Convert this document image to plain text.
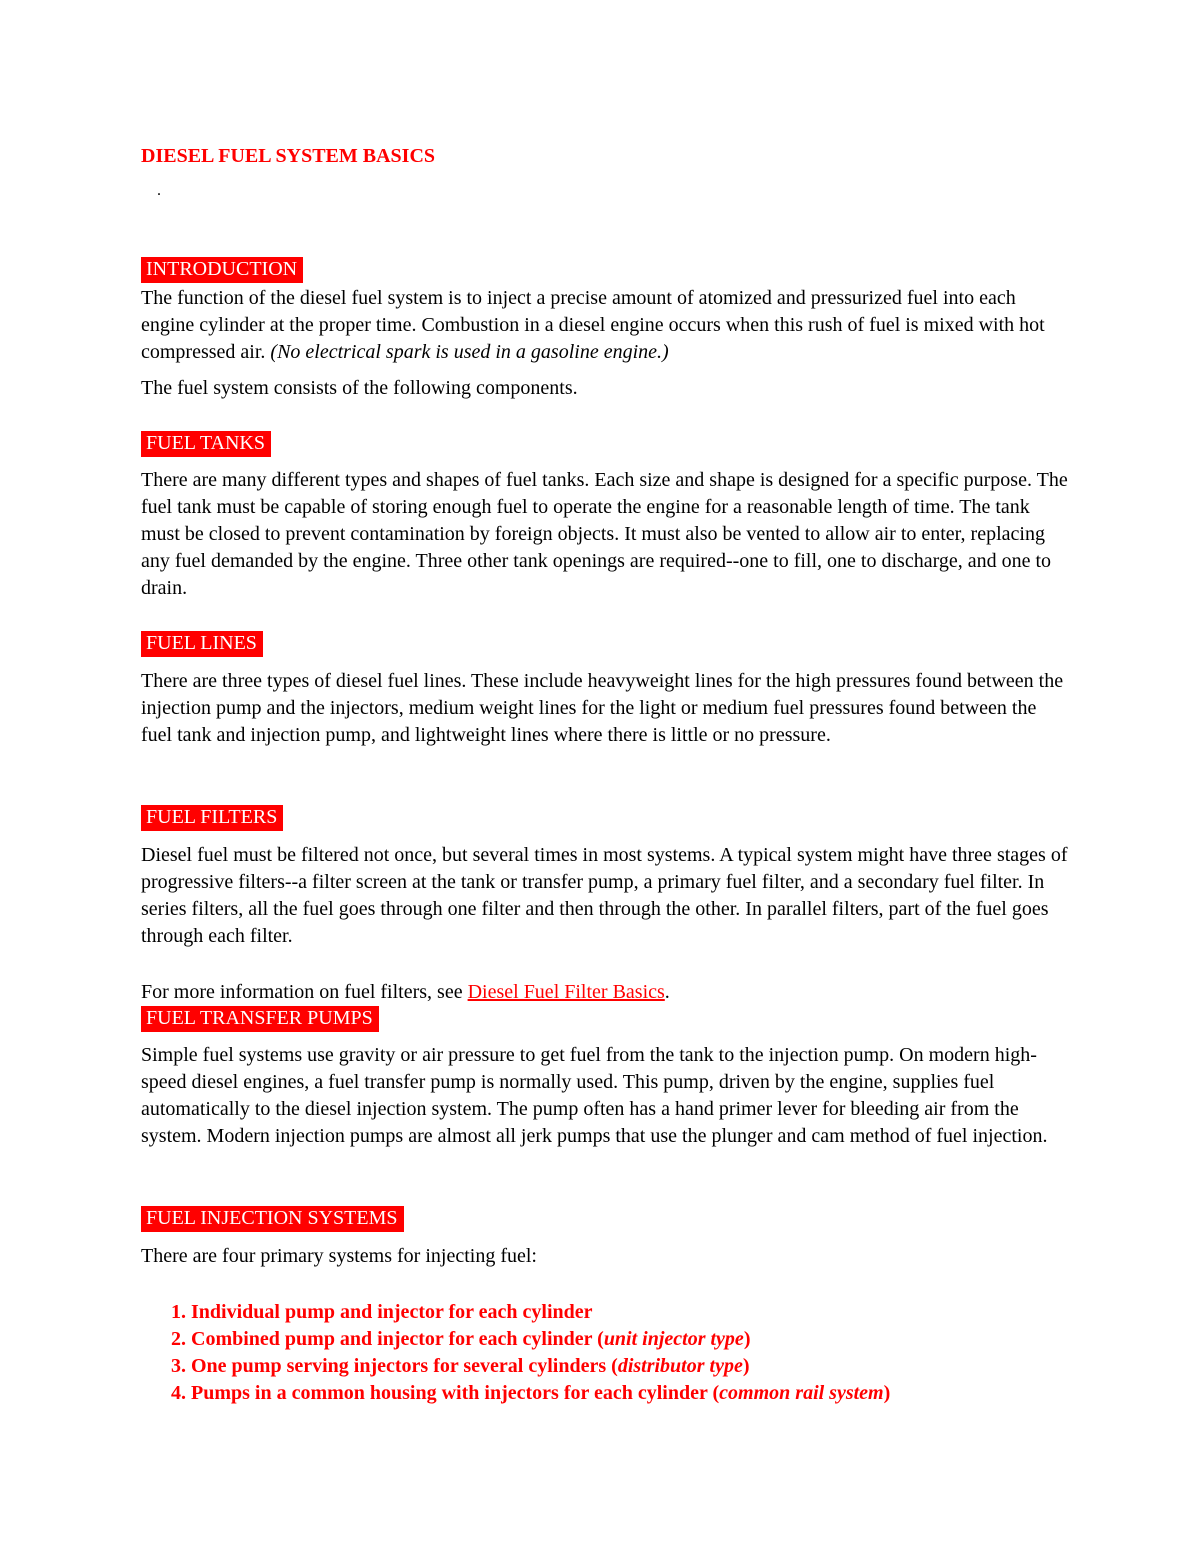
DIESEL FUEL SYSTEM BASICS
.
INTRODUCTION

The function of the diesel fuel system is to inject a precise amount of atomized and pressurized fuel into each engine cylinder at the proper time. Combustion in a diesel engine occurs when this rush of fuel is mixed with hot compressed air. (No electrical spark is used in a gasoline engine.)

The fuel system consists of the following components.

FUEL TANKS

There are many different types and shapes of fuel tanks. Each size and shape is designed for a specific purpose. The fuel tank must be capable of storing enough fuel to operate the engine for a reasonable length of time. The tank must be closed to prevent contamination by foreign objects. It must also be vented to allow air to enter, replacing any fuel demanded by the engine. Three other tank openings are required--one to fill, one to discharge, and one to drain.

FUEL LINES

There are three types of diesel fuel lines. These include heavyweight lines for the high pressures found between the injection pump and the injectors, medium weight lines for the light or medium fuel pressures found between the fuel tank and injection pump, and lightweight lines where there is little or no pressure.

FUEL FILTERS

Diesel fuel must be filtered not once, but several times in most systems. A typical system might have three stages of progressive filters--a filter screen at the tank or transfer pump, a primary fuel filter, and a secondary fuel filter. In series filters, all the fuel goes through one filter and then through the other. In parallel filters, part of the fuel goes through each filter.

For more information on fuel filters, see Diesel Fuel Filter Basics.

FUEL TRANSFER PUMPS

Simple fuel systems use gravity or air pressure to get fuel from the tank to the injection pump. On modern high-speed diesel engines, a fuel transfer pump is normally used. This pump, driven by the engine, supplies fuel automatically to the diesel injection system. The pump often has a hand primer lever for bleeding air from the system. Modern injection pumps are almost all jerk pumps that use the plunger and cam method of fuel injection.

FUEL INJECTION SYSTEMS

There are four primary systems for injecting fuel:

1. Individual pump and injector for each cylinder
2. Combined pump and injector for each cylinder (unit injector type)
3. One pump serving injectors for several cylinders (distributor type)
4. Pumps in a common housing with injectors for each cylinder (common rail system)
